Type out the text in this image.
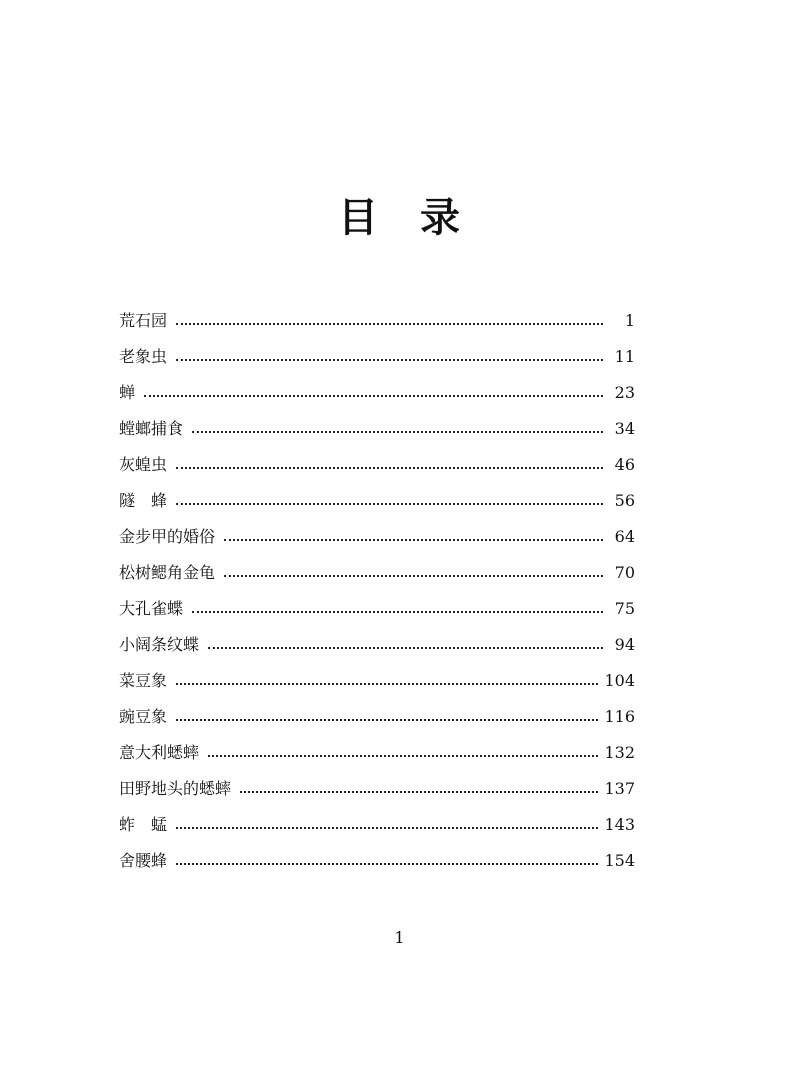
目　录
荒石园	1
老象虫	11
蝉	23
螳螂捕食	34
灰蝗虫	46
隧　蜂	56
金步甲的婚俗	64
松树鳃角金龟	70
大孔雀蝶	75
小阔条纹蝶	94
菜豆象	104
豌豆象	116
意大利蟋蟀	132
田野地头的蟋蟀	137
蚱　蜢	143
舍腰蜂	154
1
